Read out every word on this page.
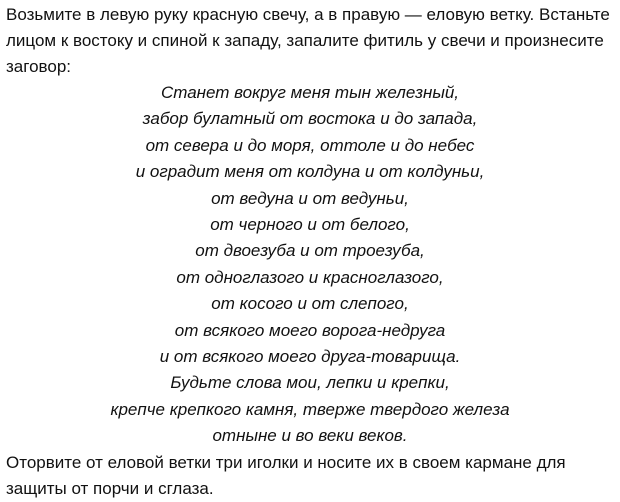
Возьмите в левую руку красную свечу, а в правую — еловую ветку. Встаньте лицом к востоку и спиной к западу, запалите фитиль у свечи и произнесите заговор:

Станет вокруг меня тын железный,
забор булатный от востока и до запада,
от севера и до моря, оттоле и до небес
и оградит меня от колдуна и от колдуньи,
от ведуна и от ведуньи,
от черного и от белого,
от двоезуба и от троезуба,
от одноглазого и красноглазого,
от косого и от слепого,
от всякого моего ворога-недруга
и от всякого моего друга-товарища.
Будьте слова мои, лепки и крепки,
крепче крепкого камня, тверже твердого железа
отныне и во веки веков.

Оторвите от еловой ветки три иголки и носите их в своем кармане для защиты от порчи и сглаза.
